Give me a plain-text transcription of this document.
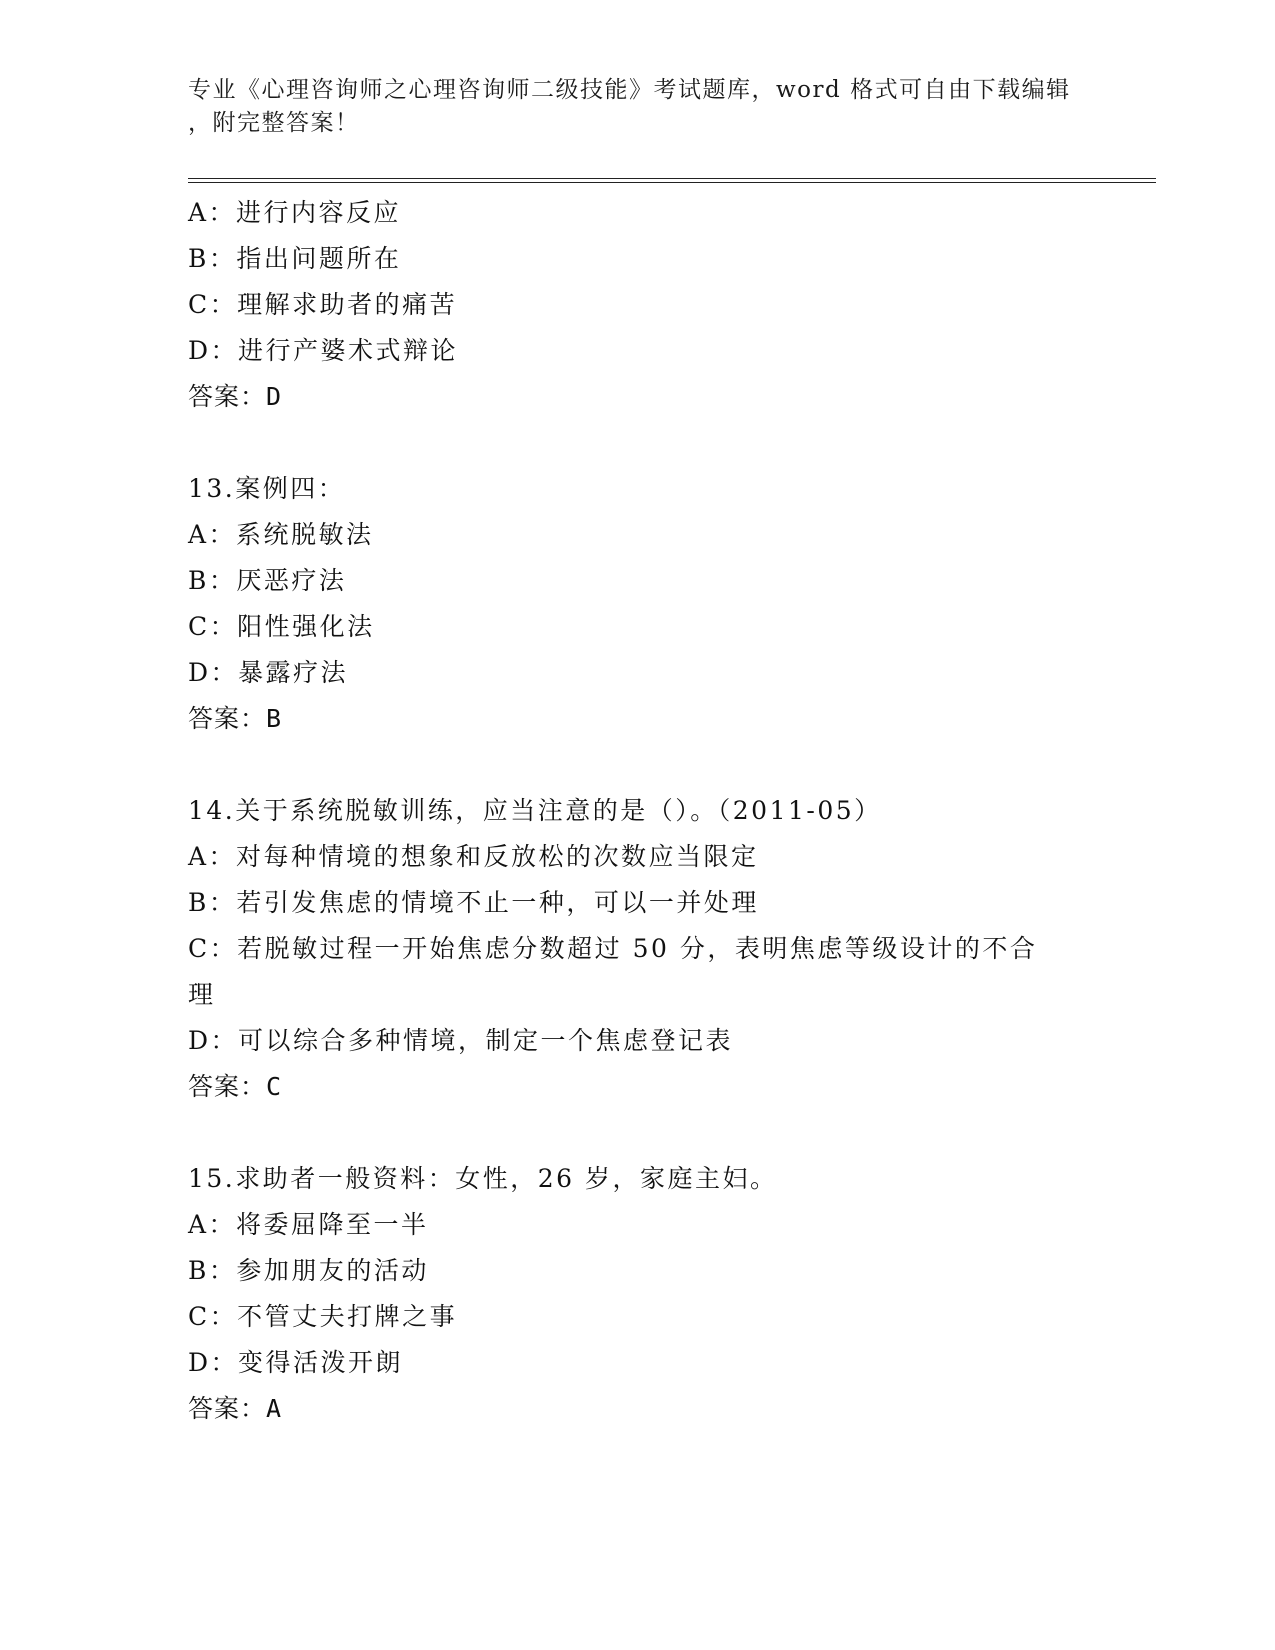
专业《心理咨询师之心理咨询师二级技能》考试题库，word 格式可自由下载编辑
，附完整答案！
A：进行内容反应
B：指出问题所在
C：理解求助者的痛苦
D：进行产婆术式辩论
答案：D
13.案例四：
A：系统脱敏法
B：厌恶疗法
C：阳性强化法
D：暴露疗法
答案：B
14.关于系统脱敏训练，应当注意的是（）。（2011-05）
A：对每种情境的想象和反放松的次数应当限定
B：若引发焦虑的情境不止一种，可以一并处理
C：若脱敏过程一开始焦虑分数超过 50 分，表明焦虑等级设计的不合
理
D：可以综合多种情境，制定一个焦虑登记表
答案：C
15.求助者一般资料：女性，26 岁，家庭主妇。
A：将委屈降至一半
B：参加朋友的活动
C：不管丈夫打牌之事
D：变得活泼开朗
答案：A
